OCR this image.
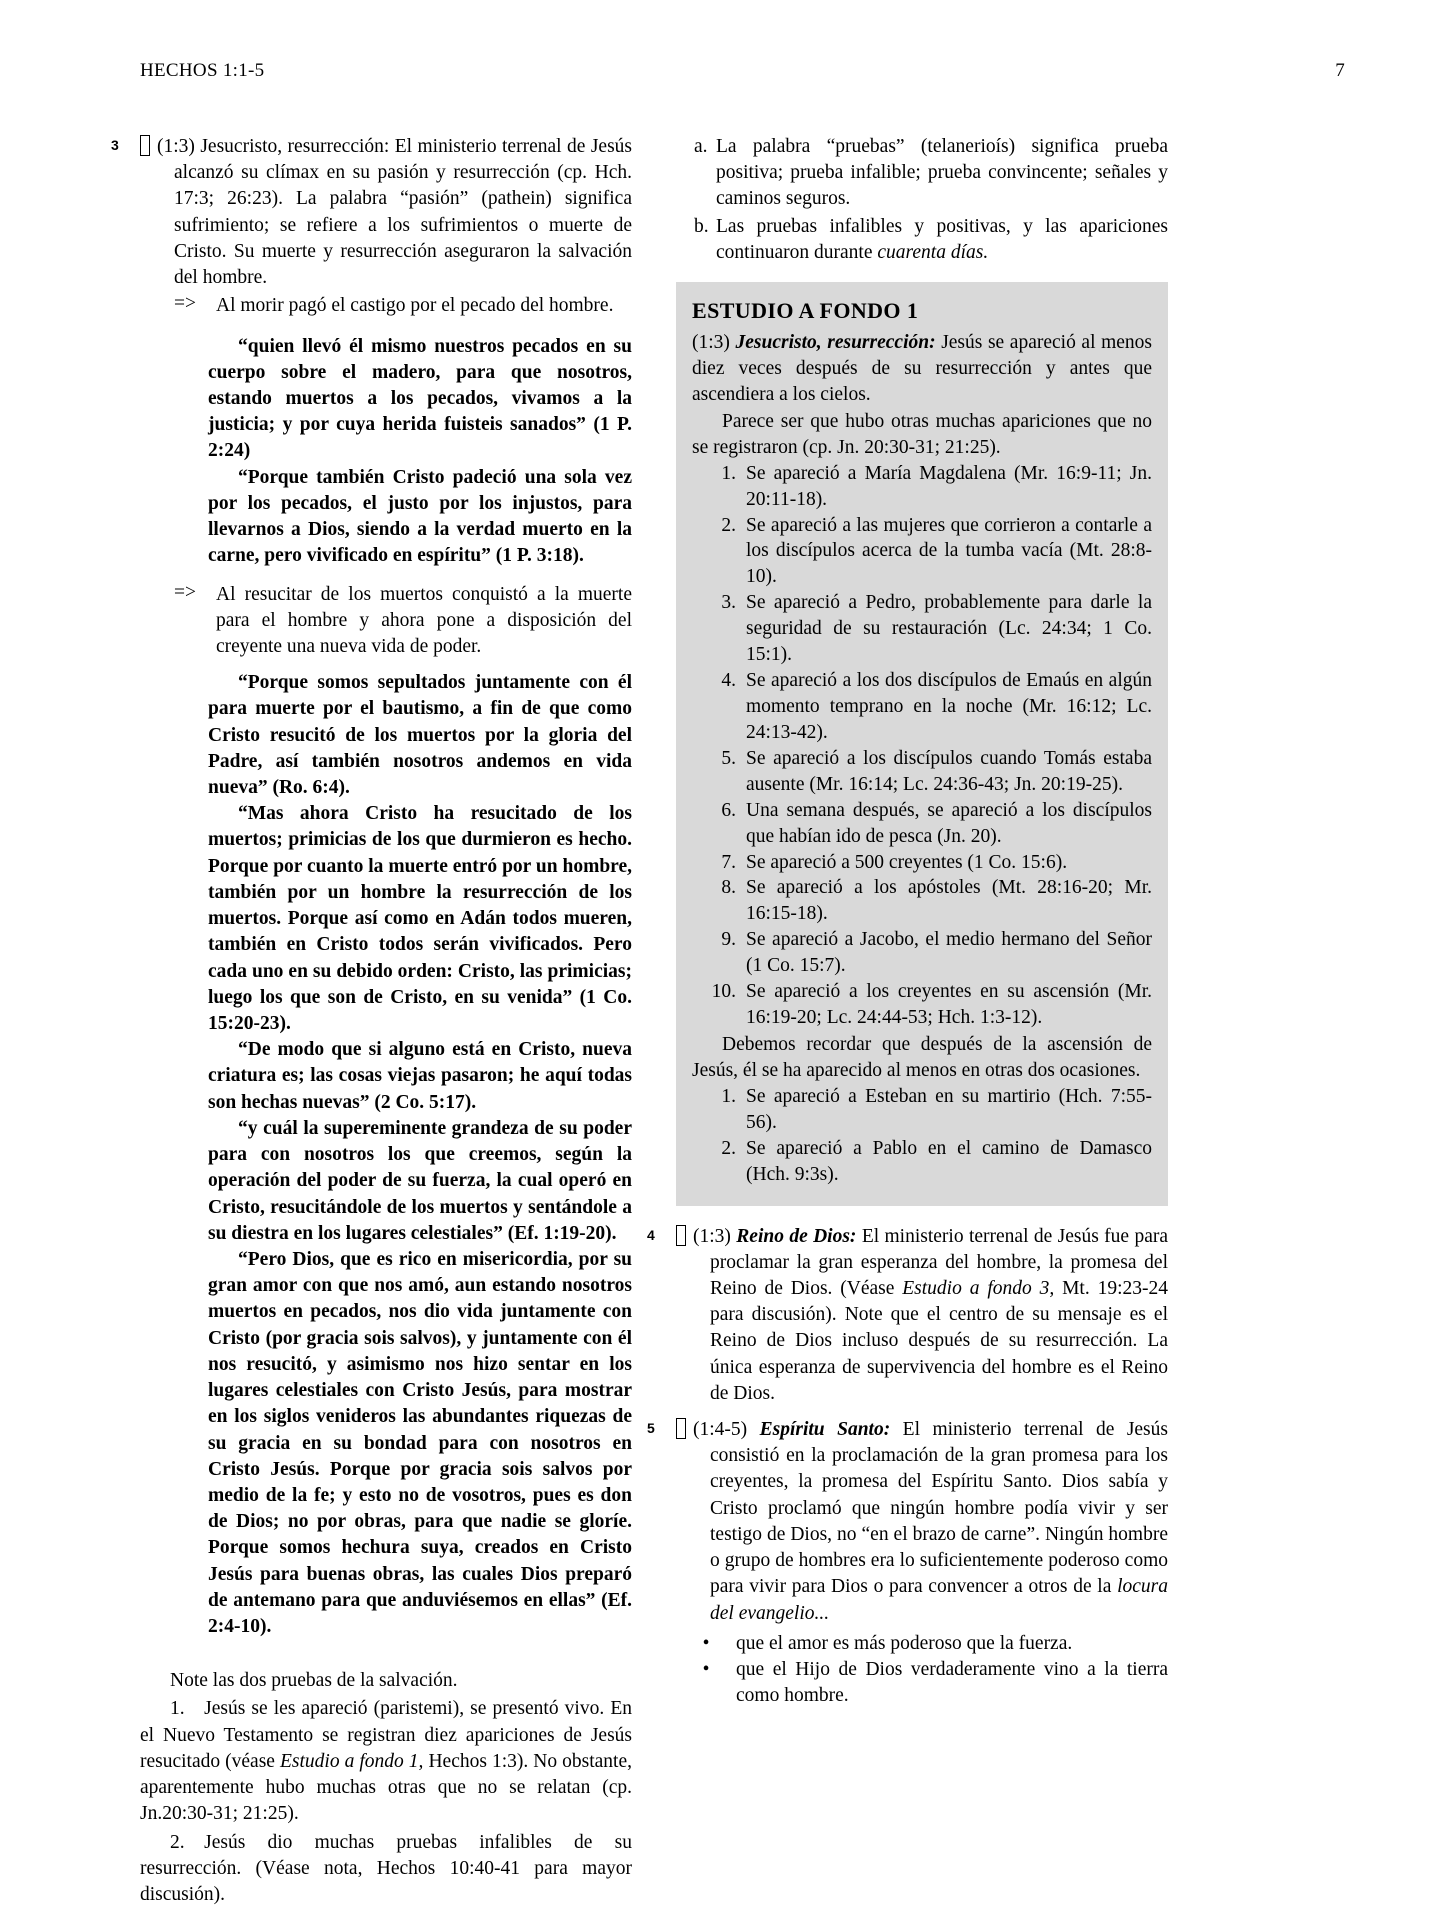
HECHOS 1:1-5	7

3 (1:3) Jesucristo, resurrección: El ministerio terrenal de Jesús alcanzó su clímax en su pasión y resurrección (cp. Hch. 17:3; 26:23). La palabra “pasión” (pathein) significa sufrimiento; se refiere a los sufrimientos o muerte de Cristo. Su muerte y resurrección aseguraron la salvación del hombre.

=>	Al morir pagó el castigo por el pecado del hombre.

“quien llevó él mismo nuestros pecados en su cuerpo sobre el madero, para que nosotros, estando muertos a los pecados, vivamos a la justicia; y por cuya herida fuisteis sanados” (1 P. 2:24)

“Porque también Cristo padeció una sola vez por los pecados, el justo por los injustos, para llevarnos a Dios, siendo a la verdad muerto en la carne, pero vivificado en espíritu” (1 P. 3:18).

=>	Al resucitar de los muertos conquistó a la muerte para el hombre y ahora pone a disposición del creyente una nueva vida de poder.

“Porque somos sepultados juntamente con él para muerte por el bautismo, a fin de que como Cristo resucitó de los muertos por la gloria del Padre, así también nosotros andemos en vida nueva” (Ro. 6:4).

“Mas ahora Cristo ha resucitado de los muertos; primicias de los que durmieron es hecho. Porque por cuanto la muerte entró por un hombre, también por un hombre la resurrección de los muertos. Porque así como en Adán todos mueren, también en Cristo todos serán vivificados. Pero cada uno en su debido orden: Cristo, las primicias; luego los que son de Cristo, en su venida” (1 Co. 15:20-23).

“De modo que si alguno está en Cristo, nueva criatura es; las cosas viejas pasaron; he aquí todas son hechas nuevas” (2 Co. 5:17).

“y cuál la supereminente grandeza de su poder para con nosotros los que creemos, según la operación del poder de su fuerza, la cual operó en Cristo, resucitándole de los muertos y sentándole a su diestra en los lugares celestiales” (Ef. 1:19-20).

“Pero Dios, que es rico en misericordia, por su gran amor con que nos amó, aun estando nosotros muertos en pecados, nos dio vida juntamente con Cristo (por gracia sois salvos), y juntamente con él nos resucitó, y asimismo nos hizo sentar en los lugares celestiales con Cristo Jesús, para mostrar en los siglos venideros las abundantes riquezas de su gracia en su bondad para con nosotros en Cristo Jesús. Porque por gracia sois salvos por medio de la fe; y esto no de vosotros, pues es don de Dios; no por obras, para que nadie se gloríe. Porque somos hechura suya, creados en Cristo Jesús para buenas obras, las cuales Dios preparó de antemano para que anduviésemos en ellas” (Ef. 2:4-10).

Note las dos pruebas de la salvación.

1. Jesús se les apareció (paristemi), se presentó vivo. En el Nuevo Testamento se registran diez apariciones de Jesús resucitado (véase Estudio a fondo 1, Hechos 1:3). No obstante, aparentemente hubo muchas otras que no se relatan (cp. Jn.20:30-31; 21:25).

2. Jesús dio muchas pruebas infalibles de su resurrección. (Véase nota, Hechos 10:40-41 para mayor discusión).

a. La palabra “pruebas” (telanerioís) significa prueba positiva; prueba infalible; prueba convincente; señales y caminos seguros.
b. Las pruebas infalibles y positivas, y las apariciones continuaron durante cuarenta días.
ESTUDIO A FONDO 1

(1:3) Jesucristo, resurrección: Jesús se apareció al menos diez veces después de su resurrección y antes que ascendiera a los cielos.

Parece ser que hubo otras muchas apariciones que no se registraron (cp. Jn. 20:30-31; 21:25).

1. Se apareció a María Magdalena (Mr. 16:9-11; Jn. 20:11-18).
2. Se apareció a las mujeres que corrieron a contarle a los discípulos acerca de la tumba vacía (Mt. 28:8-10).
3. Se apareció a Pedro, probablemente para darle la seguridad de su restauración (Lc. 24:34; 1 Co. 15:1).
4. Se apareció a los dos discípulos de Emaús en algún momento temprano en la noche (Mr. 16:12; Lc. 24:13-42).
5. Se apareció a los discípulos cuando Tomás estaba ausente (Mr. 16:14; Lc. 24:36-43; Jn. 20:19-25).
6. Una semana después, se apareció a los discípulos que habían ido de pesca (Jn. 20).
7. Se apareció a 500 creyentes (1 Co. 15:6).
8. Se apareció a los apóstoles (Mt. 28:16-20; Mr. 16:15-18).
9. Se apareció a Jacobo, el medio hermano del Señor (1 Co. 15:7).
10. Se apareció a los creyentes en su ascensión (Mr. 16:19-20; Lc. 24:44-53; Hch. 1:3-12).

Debemos recordar que después de la ascensión de Jesús, él se ha aparecido al menos en otras dos ocasiones.

1. Se apareció a Esteban en su martirio (Hch. 7:55-56).
2. Se apareció a Pablo en el camino de Damasco (Hch. 9:3s).

4 (1:3) Reino de Dios: El ministerio terrenal de Jesús fue para proclamar la gran esperanza del hombre, la promesa del Reino de Dios. (Véase Estudio a fondo 3, Mt. 19:23-24 para discusión). Note que el centro de su mensaje es el Reino de Dios incluso después de su resurrección. La única esperanza de supervivencia del hombre es el Reino de Dios.

5 (1:4-5) Espíritu Santo: El ministerio terrenal de Jesús consistió en la proclamación de la gran promesa para los creyentes, la promesa del Espíritu Santo. Dios sabía y Cristo proclamó que ningún hombre podía vivir y ser testigo de Dios, no “en el brazo de carne”. Ningún hombre o grupo de hombres era lo suficientemente poderoso como para vivir para Dios o para convencer a otros de la locura del evangelio...

•	que el amor es más poderoso que la fuerza.
•	que el Hijo de Dios verdaderamente vino a la tierra como hombre.
